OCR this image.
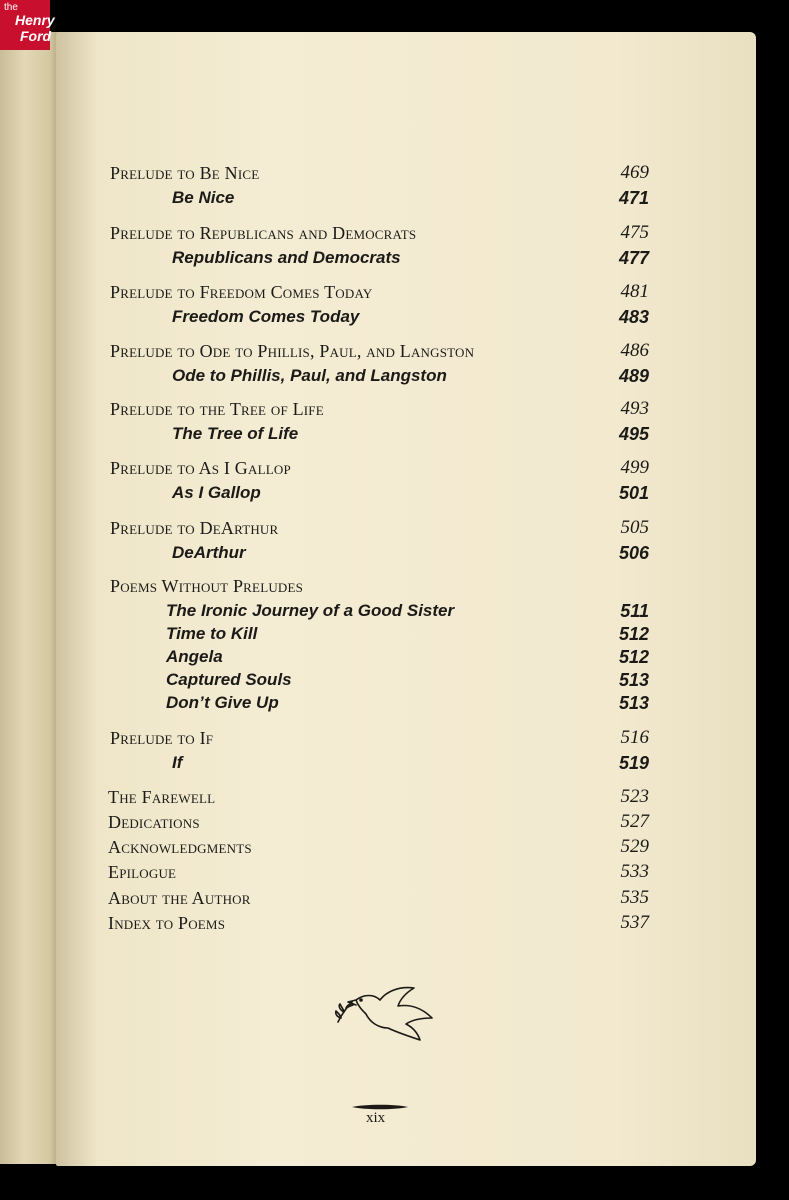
the
Henry
Ford
Prelude to Be Nice	469
Be Nice	471
Prelude to Republicans and Democrats	475
Republicans and Democrats	477
Prelude to Freedom Comes Today	481
Freedom Comes Today	483
Prelude to Ode to Phillis, Paul, and Langston	486
Ode to Phillis, Paul, and Langston	489
Prelude to the Tree of Life	493
The Tree of Life	495
Prelude to As I Gallop	499
As I Gallop	501
Prelude to DeArthur	505
DeArthur	506
Poems Without Preludes
The Ironic Journey of a Good Sister	511
Time to Kill	512
Angela	512
Captured Souls	513
Don’t Give Up	513
Prelude to If	516
If	519
The Farewell	523
Dedications	527
Acknowledgments	529
Epilogue	533
About the Author	535
Index to Poems	537
xix
